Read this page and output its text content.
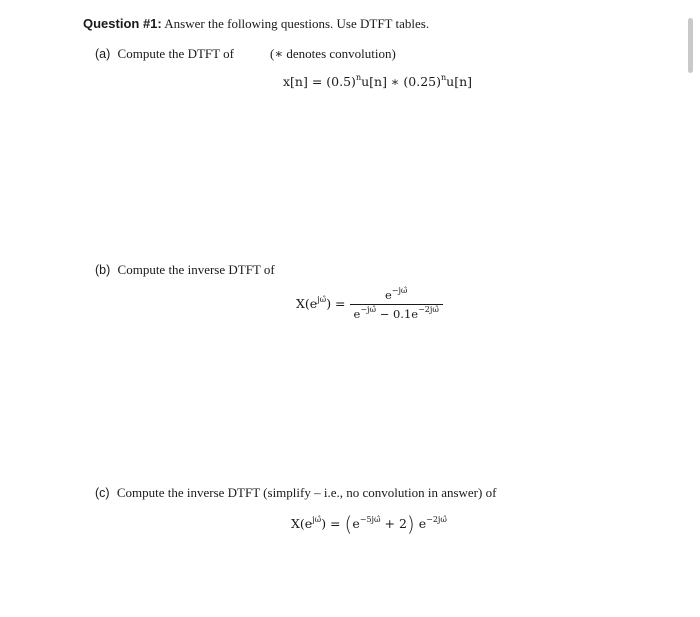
Question #1: Answer the following questions. Use DTFT tables.
(a) Compute the DTFT of	(∗ denotes convolution)
$x[n] = (0.5)^nu[n]$ ∗ $(0.25)^nu[n]$
(b) Compute the inverse DTFT of
$X(e^{j\omegâ}) = \frac{e^{-j\omegâ}}{e^{-j\omegâ} - 0.1e^{-2j\omegâ}}$
(c) Compute the inverse DTFT (simplify – i.e., no convolution in answer) of
$X(e^{j\omegâ}) = (e^{-5j\omegâ} + 2)$ $e^{-2j\omegâ}$
